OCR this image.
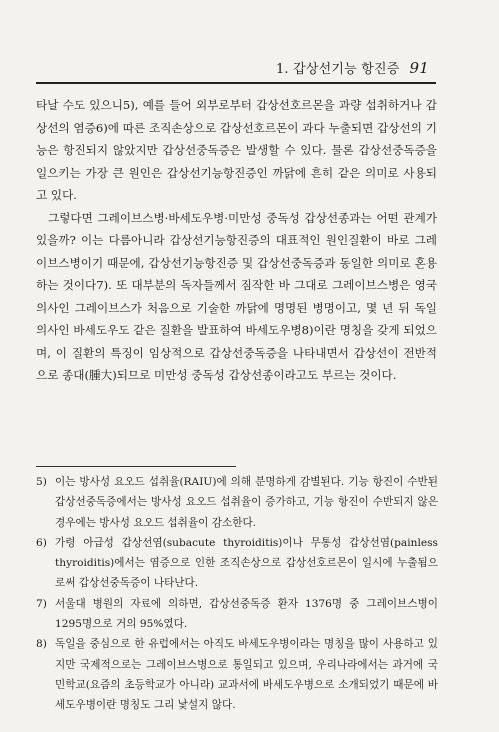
1. 갑상선기능 항진증 91

타날 수도 있으니5), 예를 들어 외부로부터 갑상선호르몬을 과량 섭취하거나 갑상선의 염증6)에 따른 조직손상으로 갑상선호르몬이 과다 누출되면 갑상선의 기능은 항진되지 않았지만 갑상선중독증은 발생할 수 있다. 물론 갑상선중독증을 일으키는 가장 큰 원인은 갑상선기능항진증인 까닭에 흔히 같은 의미로 사용되고 있다.

그렇다면 그레이브스병·바세도우병·미만성 중독성 갑상선종과는 어떤 관계가 있을까? 이는 다름아니라 갑상선기능항진증의 대표적인 원인질환이 바로 그레이브스병이기 때문에, 갑상선기능항진증 및 갑상선중독증과 동일한 의미로 혼용하는 것이다7). 또 대부분의 독자들께서 짐작한 바 그대로 그레이브스병은 영국 의사인 그레이브스가 처음으로 기술한 까닭에 명명된 병명이고, 몇 년 뒤 독일 의사인 바세도우도 같은 질환을 발표하여 바세도우병8)이란 명칭을 갖게 되었으며, 이 질환의 특징이 임상적으로 갑상선중독증을 나타내면서 갑상선이 전반적으로 종대(腫大)되므로 미만성 중독성 갑상선종이라고도 부르는 것이다.

5) 이는 방사성 요오드 섭취율(RAIU)에 의해 분명하게 감별된다. 기능 항진이 수반된 갑상선중독증에서는 방사성 요오드 섭취율이 증가하고, 기능 항진이 수반되지 않은 경우에는 방사성 요오드 섭취율이 감소한다.
6) 가령 아급성 갑상선염(subacute thyroiditis)이나 무통성 갑상선염(painless thyroiditis)에서는 염증으로 인한 조직손상으로 갑상선호르몬이 일시에 누출됨으로써 갑상선중독증이 나타난다.
7) 서울대 병원의 자료에 의하면, 갑상선중독증 환자 1376명 중 그레이브스병이 1295명으로 거의 95%였다.
8) 독일을 중심으로 한 유럽에서는 아직도 바세도우병이라는 명칭을 많이 사용하고 있지만 국제적으로는 그레이브스병으로 통일되고 있으며, 우리나라에서는 과거에 국민학교(요즘의 초등학교가 아니라) 교과서에 바세도우병으로 소개되었기 때문에 바세도우병이란 명칭도 그리 낯설지 않다.
